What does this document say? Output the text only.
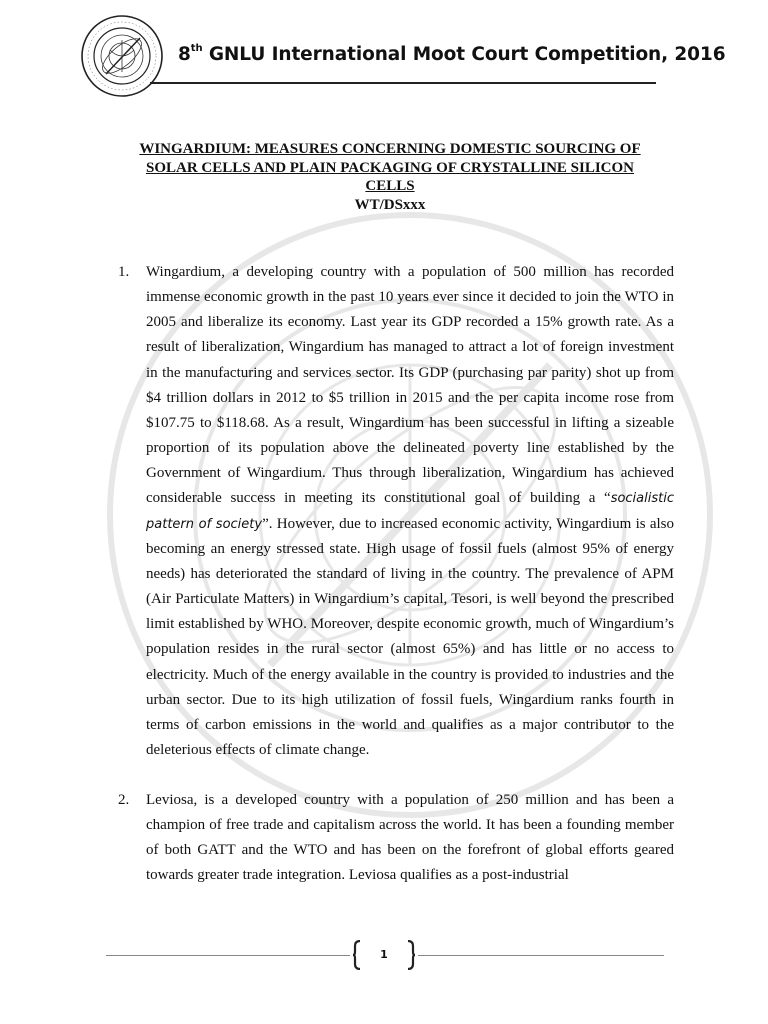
8th GNLU International Moot Court Competition, 2016
WINGARDIUM: MEASURES CONCERNING DOMESTIC SOURCING OF
SOLAR CELLS AND PLAIN PACKAGING OF CRYSTALLINE SILICON
CELLS
WT/DSxxx
1. Wingardium, a developing country with a population of 500 million has recorded immense economic growth in the past 10 years ever since it decided to join the WTO in 2005 and liberalize its economy. Last year its GDP recorded a 15% growth rate. As a result of liberalization, Wingardium has managed to attract a lot of foreign investment in the manufacturing and services sector. Its GDP (purchasing par parity) shot up from $4 trillion dollars in 2012 to $5 trillion in 2015 and the per capita income rose from $107.75 to $118.68. As a result, Wingardium has been successful in lifting a sizeable proportion of its population above the delineated poverty line established by the Government of Wingardium. Thus through liberalization, Wingardium has achieved considerable success in meeting its constitutional goal of building a “socialistic pattern of society”. However, due to increased economic activity, Wingardium is also becoming an energy stressed state. High usage of fossil fuels (almost 95% of energy needs) has deteriorated the standard of living in the country. The prevalence of APM (Air Particulate Matters) in Wingardium’s capital, Tesori, is well beyond the prescribed limit established by WHO. Moreover, despite economic growth, much of Wingardium’s population resides in the rural sector (almost 65%) and has little or no access to electricity. Much of the energy available in the country is provided to industries and the urban sector. Due to its high utilization of fossil fuels, Wingardium ranks fourth in terms of carbon emissions in the world and qualifies as a major contributor to the deleterious effects of climate change.
2. Leviosa, is a developed country with a population of 250 million and has been a champion of free trade and capitalism across the world. It has been a founding member of both GATT and the WTO and has been on the forefront of global efforts geared towards greater trade integration. Leviosa qualifies as a post-industrial
1
